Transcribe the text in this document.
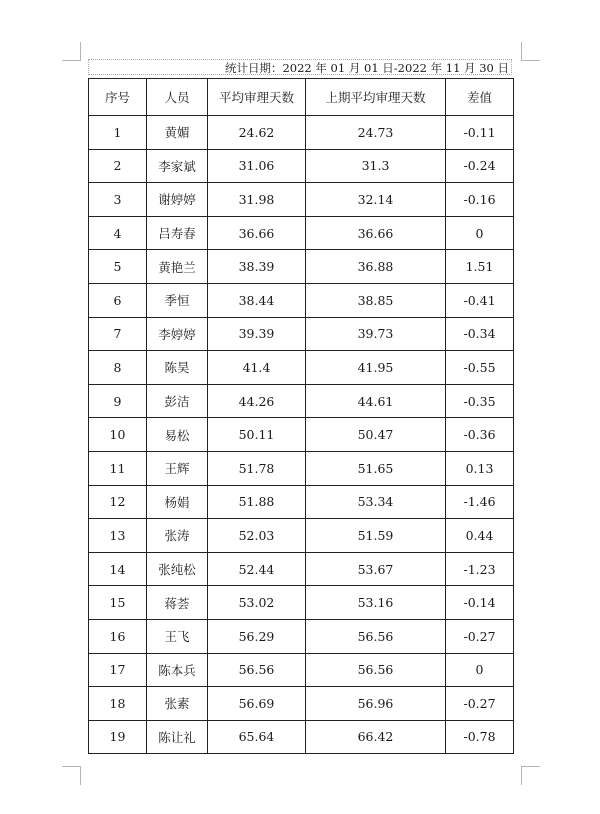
统计日期：2022 年 01 月 01 日-2022 年 11 月 30 日
序号	人员	平均审理天数	上期平均审理天数	差值
1	黄媚	24.62	24.73	-0.11
2	李家斌	31.06	31.3	-0.24
3	谢婷婷	31.98	32.14	-0.16
4	吕寿春	36.66	36.66	0
5	黄艳兰	38.39	36.88	1.51
6	季恒	38.44	38.85	-0.41
7	李婷婷	39.39	39.73	-0.34
8	陈昊	41.4	41.95	-0.55
9	彭洁	44.26	44.61	-0.35
10	易松	50.11	50.47	-0.36
11	王辉	51.78	51.65	0.13
12	杨娟	51.88	53.34	-1.46
13	张涛	52.03	51.59	0.44
14	张纯松	52.44	53.67	-1.23
15	蒋荟	53.02	53.16	-0.14
16	王飞	56.29	56.56	-0.27
17	陈本兵	56.56	56.56	0
18	张素	56.69	56.96	-0.27
19	陈让礼	65.64	66.42	-0.78
